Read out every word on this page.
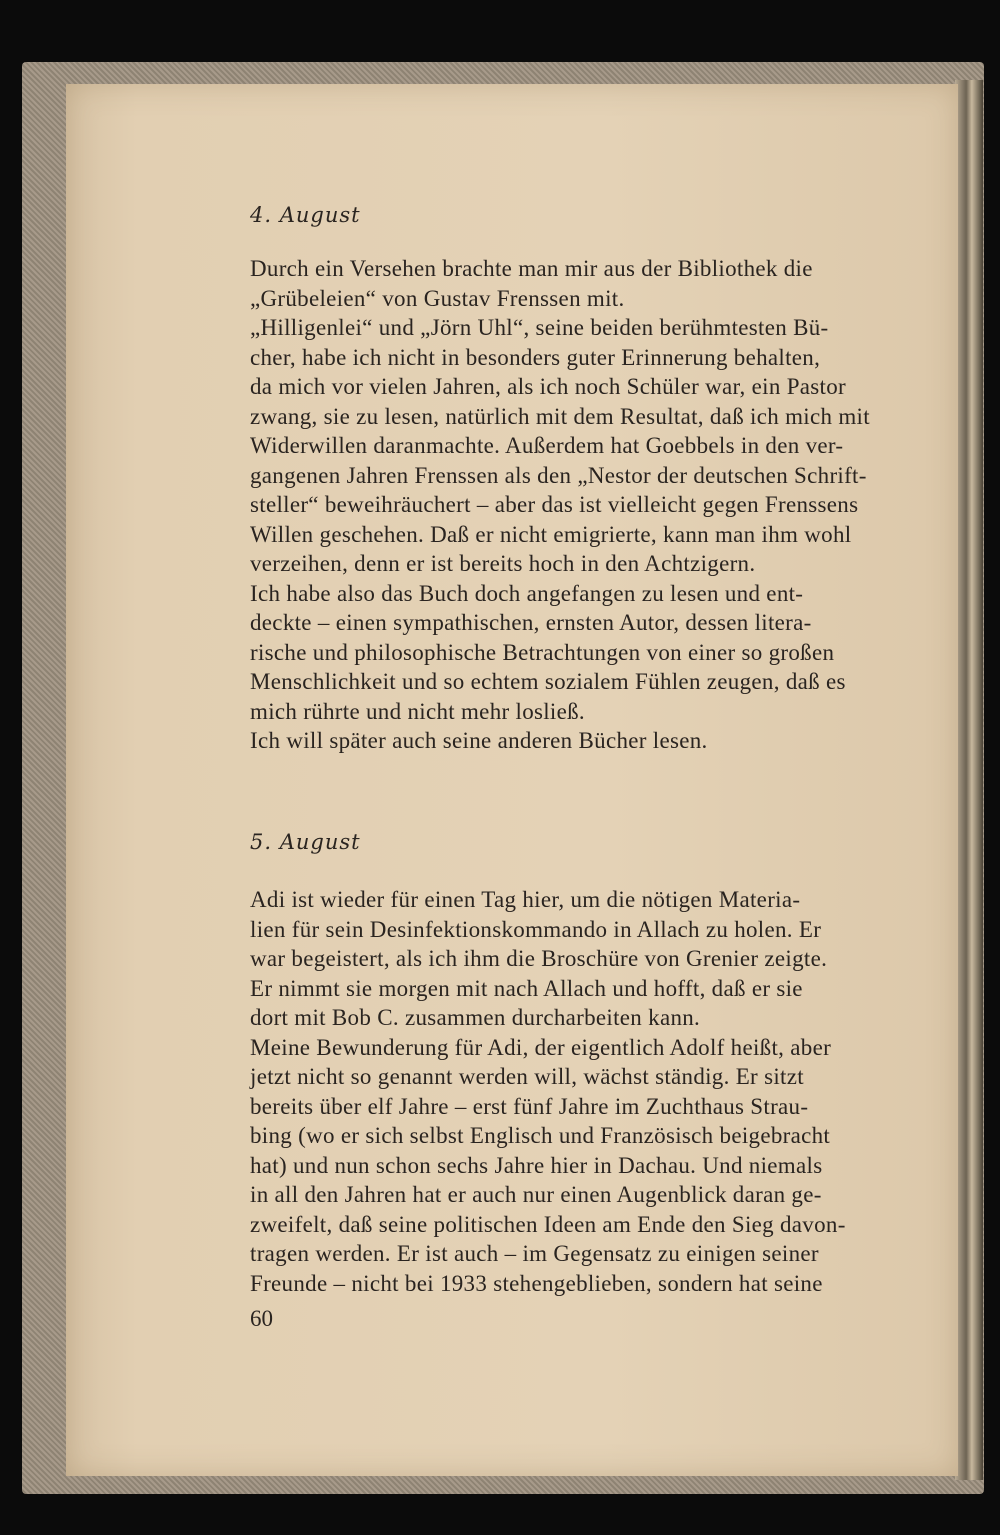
4. August

Durch ein Versehen brachte man mir aus der Bibliothek die
„Grübeleien“ von Gustav Frenssen mit.
„Hilligenlei“ und „Jörn Uhl“, seine beiden berühmtesten Bü-
cher, habe ich nicht in besonders guter Erinnerung behalten,
da mich vor vielen Jahren, als ich noch Schüler war, ein Pastor
zwang, sie zu lesen, natürlich mit dem Resultat, daß ich mich mit
Widerwillen daranmachte. Außerdem hat Goebbels in den ver-
gangenen Jahren Frenssen als den „Nestor der deutschen Schrift-
steller“ beweihräuchert – aber das ist vielleicht gegen Frenssens
Willen geschehen. Daß er nicht emigrierte, kann man ihm wohl
verzeihen, denn er ist bereits hoch in den Achtzigern.
Ich habe also das Buch doch angefangen zu lesen und ent-
deckte – einen sympathischen, ernsten Autor, dessen litera-
rische und philosophische Betrachtungen von einer so großen
Menschlichkeit und so echtem sozialem Fühlen zeugen, daß es
mich rührte und nicht mehr losließ.
Ich will später auch seine anderen Bücher lesen.

5. August

Adi ist wieder für einen Tag hier, um die nötigen Materia-
lien für sein Desinfektionskommando in Allach zu holen. Er
war begeistert, als ich ihm die Broschüre von Grenier zeigte.
Er nimmt sie morgen mit nach Allach und hofft, daß er sie
dort mit Bob C. zusammen durcharbeiten kann.
Meine Bewunderung für Adi, der eigentlich Adolf heißt, aber
jetzt nicht so genannt werden will, wächst ständig. Er sitzt
bereits über elf Jahre – erst fünf Jahre im Zuchthaus Strau-
bing (wo er sich selbst Englisch und Französisch beigebracht
hat) und nun schon sechs Jahre hier in Dachau. Und niemals
in all den Jahren hat er auch nur einen Augenblick daran ge-
zweifelt, daß seine politischen Ideen am Ende den Sieg davon-
tragen werden. Er ist auch – im Gegensatz zu einigen seiner
Freunde – nicht bei 1933 stehengeblieben, sondern hat seine

60
